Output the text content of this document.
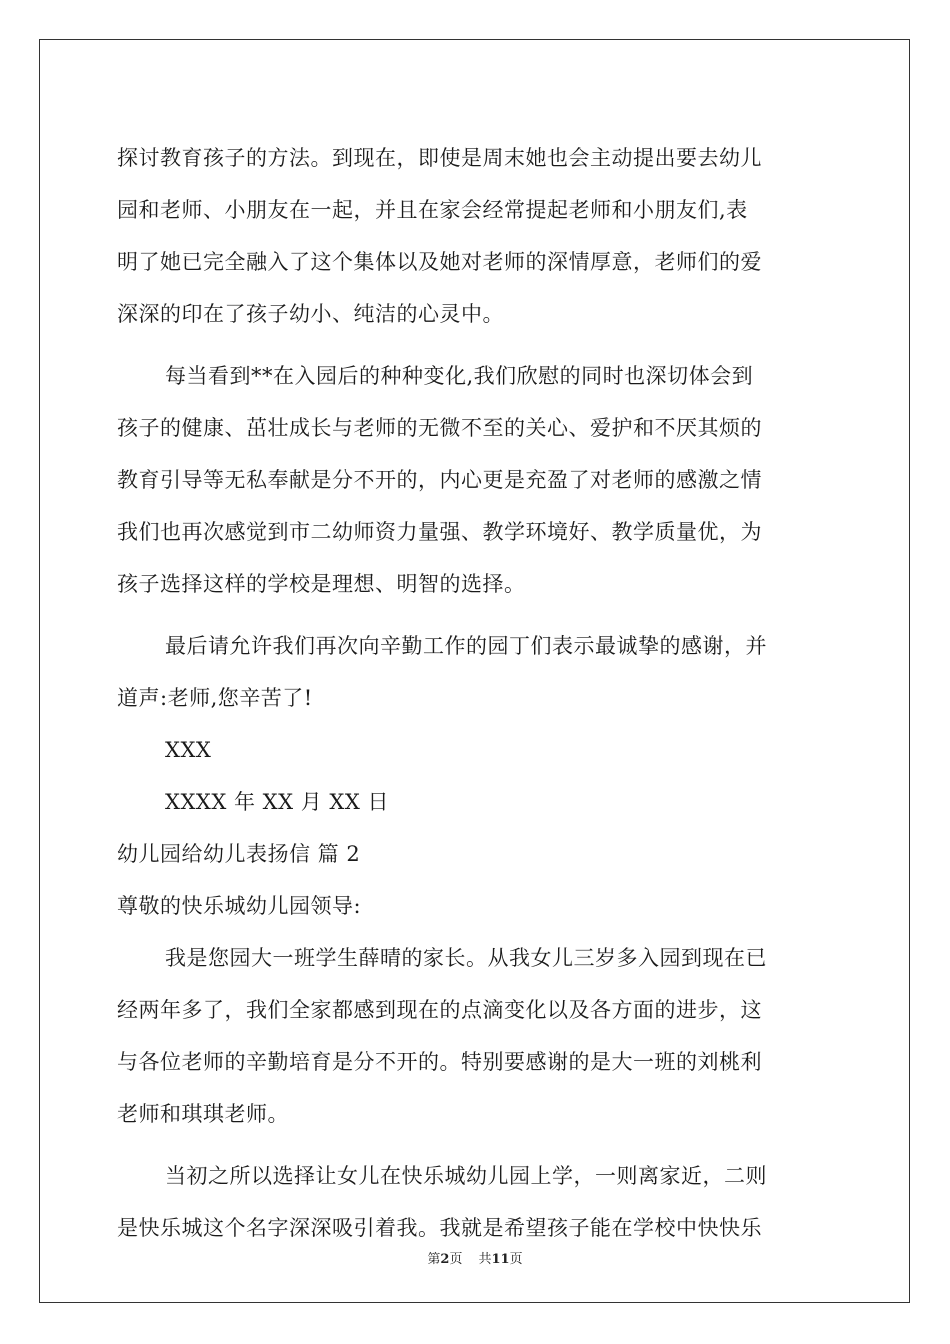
探讨教育孩子的方法。到现在，即使是周末她也会主动提出要去幼儿
园和老师、小朋友在一起，并且在家会经常提起老师和小朋友们,表
明了她已完全融入了这个集体以及她对老师的深情厚意，老师们的爱
深深的印在了孩子幼小、纯洁的心灵中。
每当看到**在入园后的种种变化,我们欣慰的同时也深切体会到
孩子的健康、茁壮成长与老师的无微不至的关心、爱护和不厌其烦的
教育引导等无私奉献是分不开的，内心更是充盈了对老师的感激之情
我们也再次感觉到市二幼师资力量强、教学环境好、教学质量优，为
孩子选择这样的学校是理想、明智的选择。
最后请允许我们再次向辛勤工作的园丁们表示最诚挚的感谢，并
道声:老师,您辛苦了!
XXX
XXXX 年 XX 月 XX 日
幼儿园给幼儿表扬信 篇 2
尊敬的快乐城幼儿园领导:
我是您园大一班学生薛晴的家长。从我女儿三岁多入园到现在已
经两年多了，我们全家都感到现在的点滴变化以及各方面的进步，这
与各位老师的辛勤培育是分不开的。特别要感谢的是大一班的刘桃利
老师和琪琪老师。
当初之所以选择让女儿在快乐城幼儿园上学，一则离家近，二则
是快乐城这个名字深深吸引着我。我就是希望孩子能在学校中快快乐
第2页 共11页
